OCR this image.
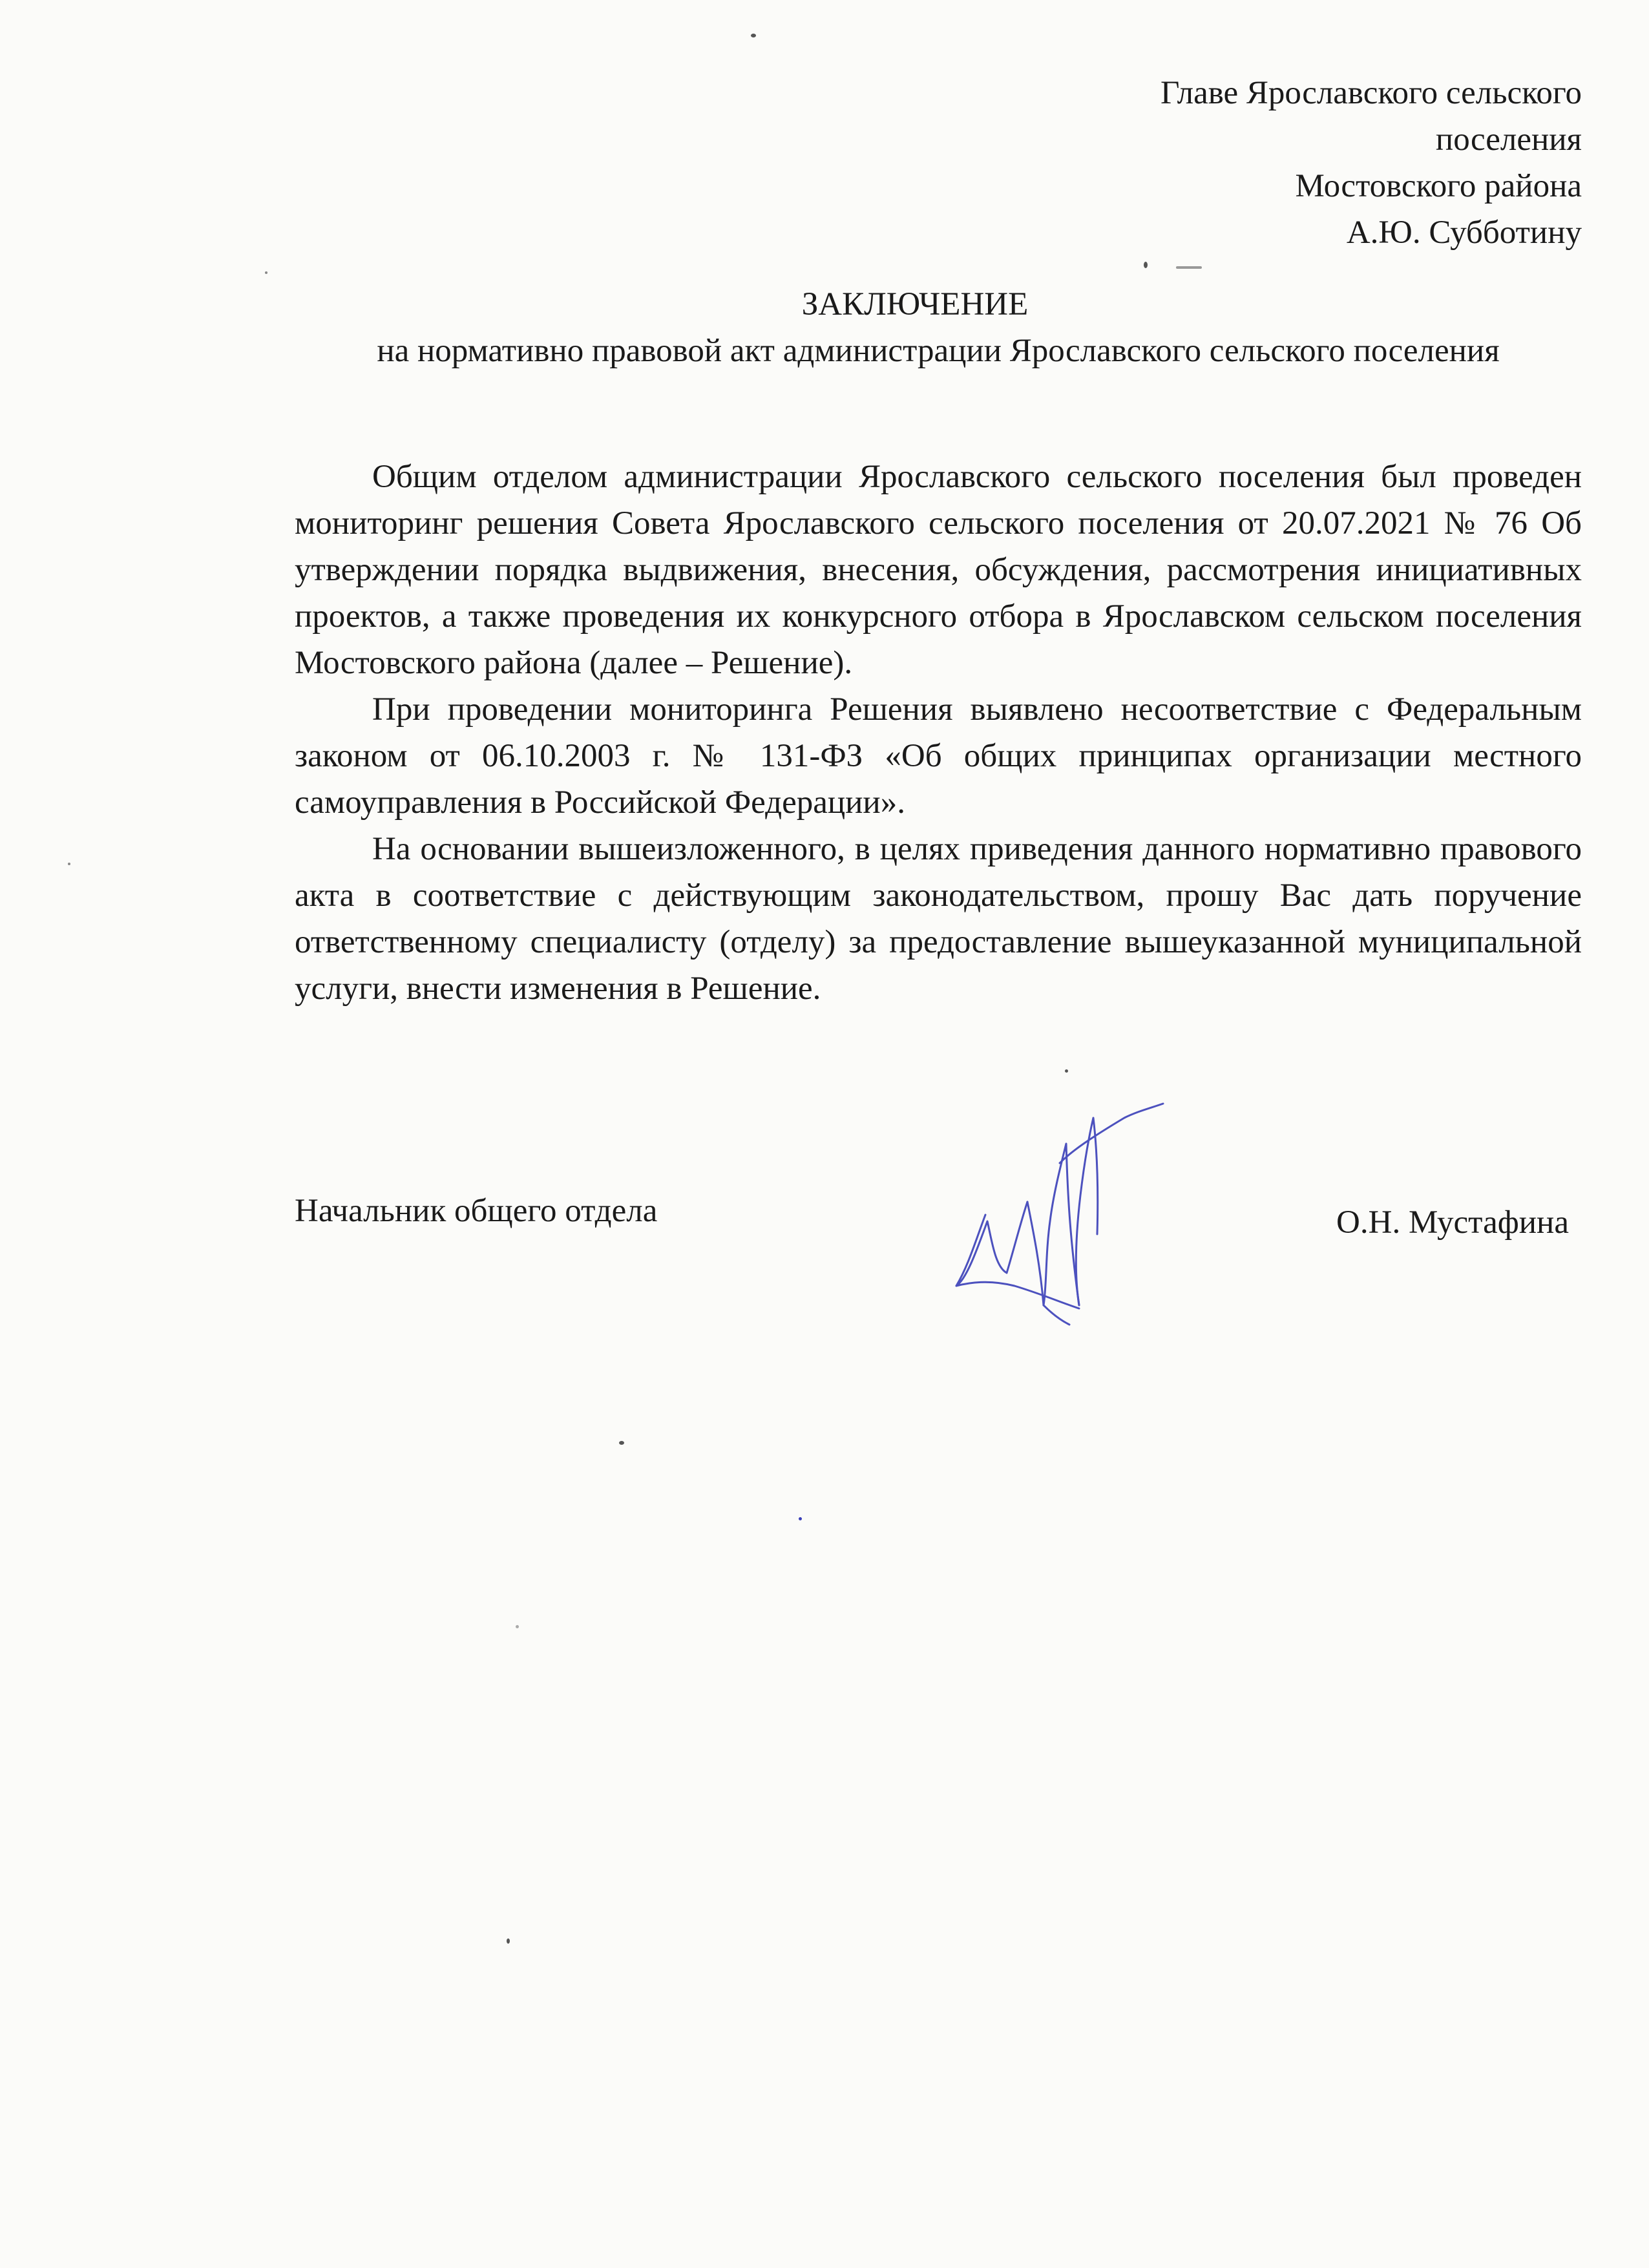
Главе Ярославского сельского
поселения
Мостовского района
А.Ю. Субботину
ЗАКЛЮЧЕНИЕ
на нормативно правовой акт администрации Ярославского сельского поселения

Общим отделом администрации Ярославского сельского поселения был проведен мониторинг решения Совета Ярославского сельского поселения от 20.07.2021 № 76 Об утверждении порядка выдвижения, внесения, обсуждения, рассмотрения инициативных проектов, а также проведения их конкурсного отбора в Ярославском сельском поселения Мостовского района (далее – Решение).

При проведении мониторинга Решения выявлено несоответствие с Федеральным законом от 06.10.2003 г. № 131-ФЗ «Об общих принципах организации местного самоуправления в Российской Федерации».

На основании вышеизложенного, в целях приведения данного нормативно правового акта в соответствие с действующим законодательством, прошу Вас дать поручение ответственному специалисту (отделу) за предоставление вышеуказанной муниципальной услуги, внести изменения в Решение.

Начальник общего отдела	О.Н. Мустафина
